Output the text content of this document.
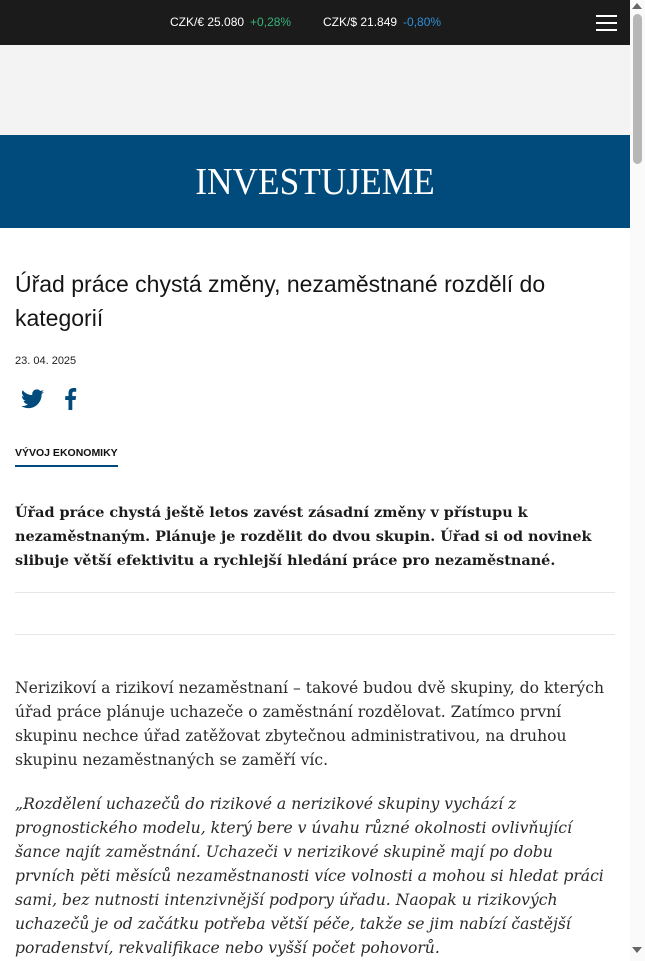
CZK/€ 25.080 +0,28%	CZK/$ 21.849 -0,80%
INVESTUJEME
Úřad práce chystá změny, nezaměstnané rozdělí do kategorií
23. 04. 2025
VÝVOJ EKONOMIKY

Úřad práce chystá ještě letos zavést zásadní změny v přístupu k nezaměstnaným. Plánuje je rozdělit do dvou skupin. Úřad si od novinek slibuje větší efektivitu a rychlejší hledání práce pro nezaměstnané.

Nerizikoví a rizikoví nezaměstnaní – takové budou dvě skupiny, do kterých úřad práce plánuje uchazeče o zaměstnání rozdělovat. Zatímco první skupinu nechce úřad zatěžovat zbytečnou administrativou, na druhou skupinu nezaměstnaných se zaměří víc.

„Rozdělení uchazečů do rizikové a nerizikové skupiny vychází z prognostického modelu, který bere v úvahu různé okolnosti ovlivňující šance najít zaměstnání. Uchazeči v nerizikové skupině mají po dobu prvních pěti měsíců nezaměstnanosti více volnosti a mohou si hledat práci sami, bez nutnosti intenzivnější podpory úřadu. Naopak u rizikových uchazečů je od začátku potřeba větší péče, takže se jim nabízí častější poradenství, rekvalifikace nebo vyšší počet pohovorů.
